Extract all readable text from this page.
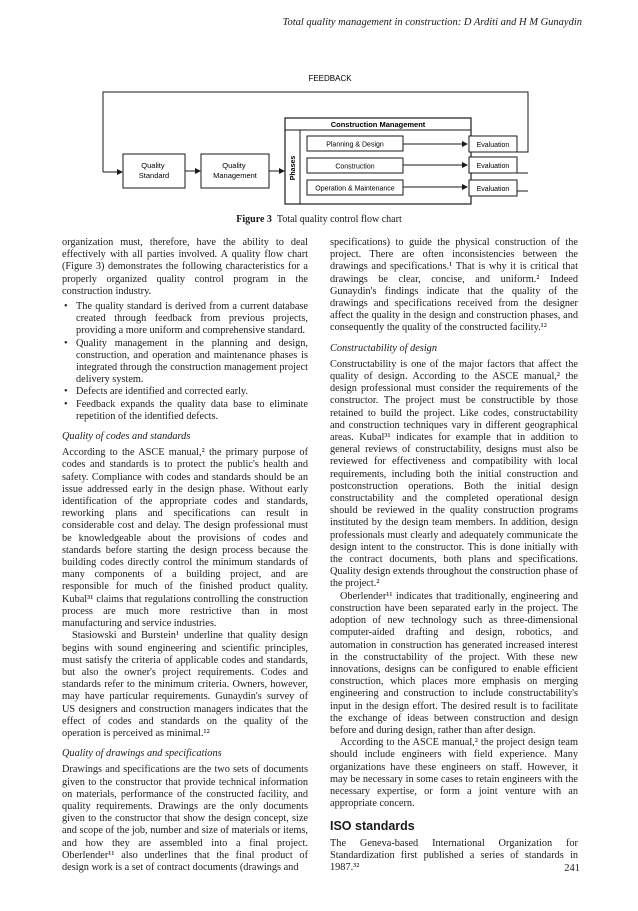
Total quality management in construction: D Arditi and H M Gunaydin
FEEDBACK
Quality Standard
Quality Management
Construction Management
Phases
Planning & Design
Construction
Operation & Maintenance
Evaluation
Evaluation
Evaluation
Figure 3 Total quality control flow chart

organization must, therefore, have the ability to deal effectively with all parties involved. A quality flow chart (Figure 3) demonstrates the following characteristics for a properly organized quality control program in the construction industry.

• The quality standard is derived from a current database created through feedback from previous projects, providing a more uniform and comprehensive standard.
• Quality management in the planning and design, construction, and operation and maintenance phases is integrated through the construction management project delivery system.
• Defects are identified and corrected early.
• Feedback expands the quality data base to eliminate repetition of the identified defects.

Quality of codes and standards

According to the ASCE manual,² the primary purpose of codes and standards is to protect the public's health and safety. Compliance with codes and standards should be an issue addressed early in the design phase. Without early identification of the appropriate codes and standards, reworking plans and specifications can result in considerable cost and delay. The design professional must be knowledgeable about the provisions of codes and standards before starting the design process because the building codes directly control the minimum standards of many components of a building project, and are responsible for much of the finished product quality. Kubal³¹ claims that regulations controlling the construction process are much more restrictive than in most manufacturing and service industries.

Stasiowski and Burstein¹ underline that quality design begins with sound engineering and scientific principles, must satisfy the criteria of applicable codes and standards, but also the owner's project requirements. Codes and standards refer to the minimum criteria. Owners, however, may have particular requirements. Gunaydin's survey of US designers and construction managers indicates that the effect of codes and standards on the quality of the operation is perceived as minimal.¹²

Quality of drawings and specifications

Drawings and specifications are the two sets of documents given to the constructor that provide technical information on materials, performance of the constructed facility, and quality requirements. Drawings are the only documents given to the constructor that show the design concept, size and scope of the job, number and size of materials or items, and how they are assembled into a final project. Oberlender¹¹ also underlines that the final product of design work is a set of contract documents (drawings and

specifications) to guide the physical construction of the project. There are often inconsistencies between the drawings and specifications.¹ That is why it is critical that drawings be clear, concise, and uniform.² Indeed Gunaydin's findings indicate that the quality of the drawings and specifications received from the designer affect the quality in the design and construction phases, and consequently the quality of the constructed facility.¹²

Constructability of design

Constructability is one of the major factors that affect the quality of design. According to the ASCE manual,² the design professional must consider the requirements of the constructor. The project must be constructible by those retained to build the project. Like codes, constructability and construction techniques vary in different geographical areas. Kubal³¹ indicates for example that in addition to general reviews of constructability, designs must also be reviewed for effectiveness and compatibility with local requirements, including both the initial construction and postconstruction operations. Both the initial design constructability and the completed operational design should be reviewed in the quality construction programs instituted by the design team members. In addition, design professionals must clearly and adequately communicate the design intent to the constructor. This is done initially with the contract documents, both plans and specifications. Quality design extends throughout the construction phase of the project.²

Oberlender¹¹ indicates that traditionally, engineering and construction have been separated early in the project. The adoption of new technology such as three-dimensional computer-aided drafting and design, robotics, and automation in construction has generated increased interest in the constructability of the project. With these new innovations, designs can be configured to enable efficient construction, which places more emphasis on merging engineering and construction to include constructability's input in the design effort. The desired result is to facilitate the exchange of ideas between construction and design before and during design, rather than after design.

According to the ASCE manual,² the project design team should include engineers with field experience. Many organizations have these engineers on staff. However, it may be necessary in some cases to retain engineers with the necessary expertise, or form a joint venture with an appropriate concern.

ISO standards

The Geneva-based International Organization for Standardization first published a series of standards in 1987.³²	241
